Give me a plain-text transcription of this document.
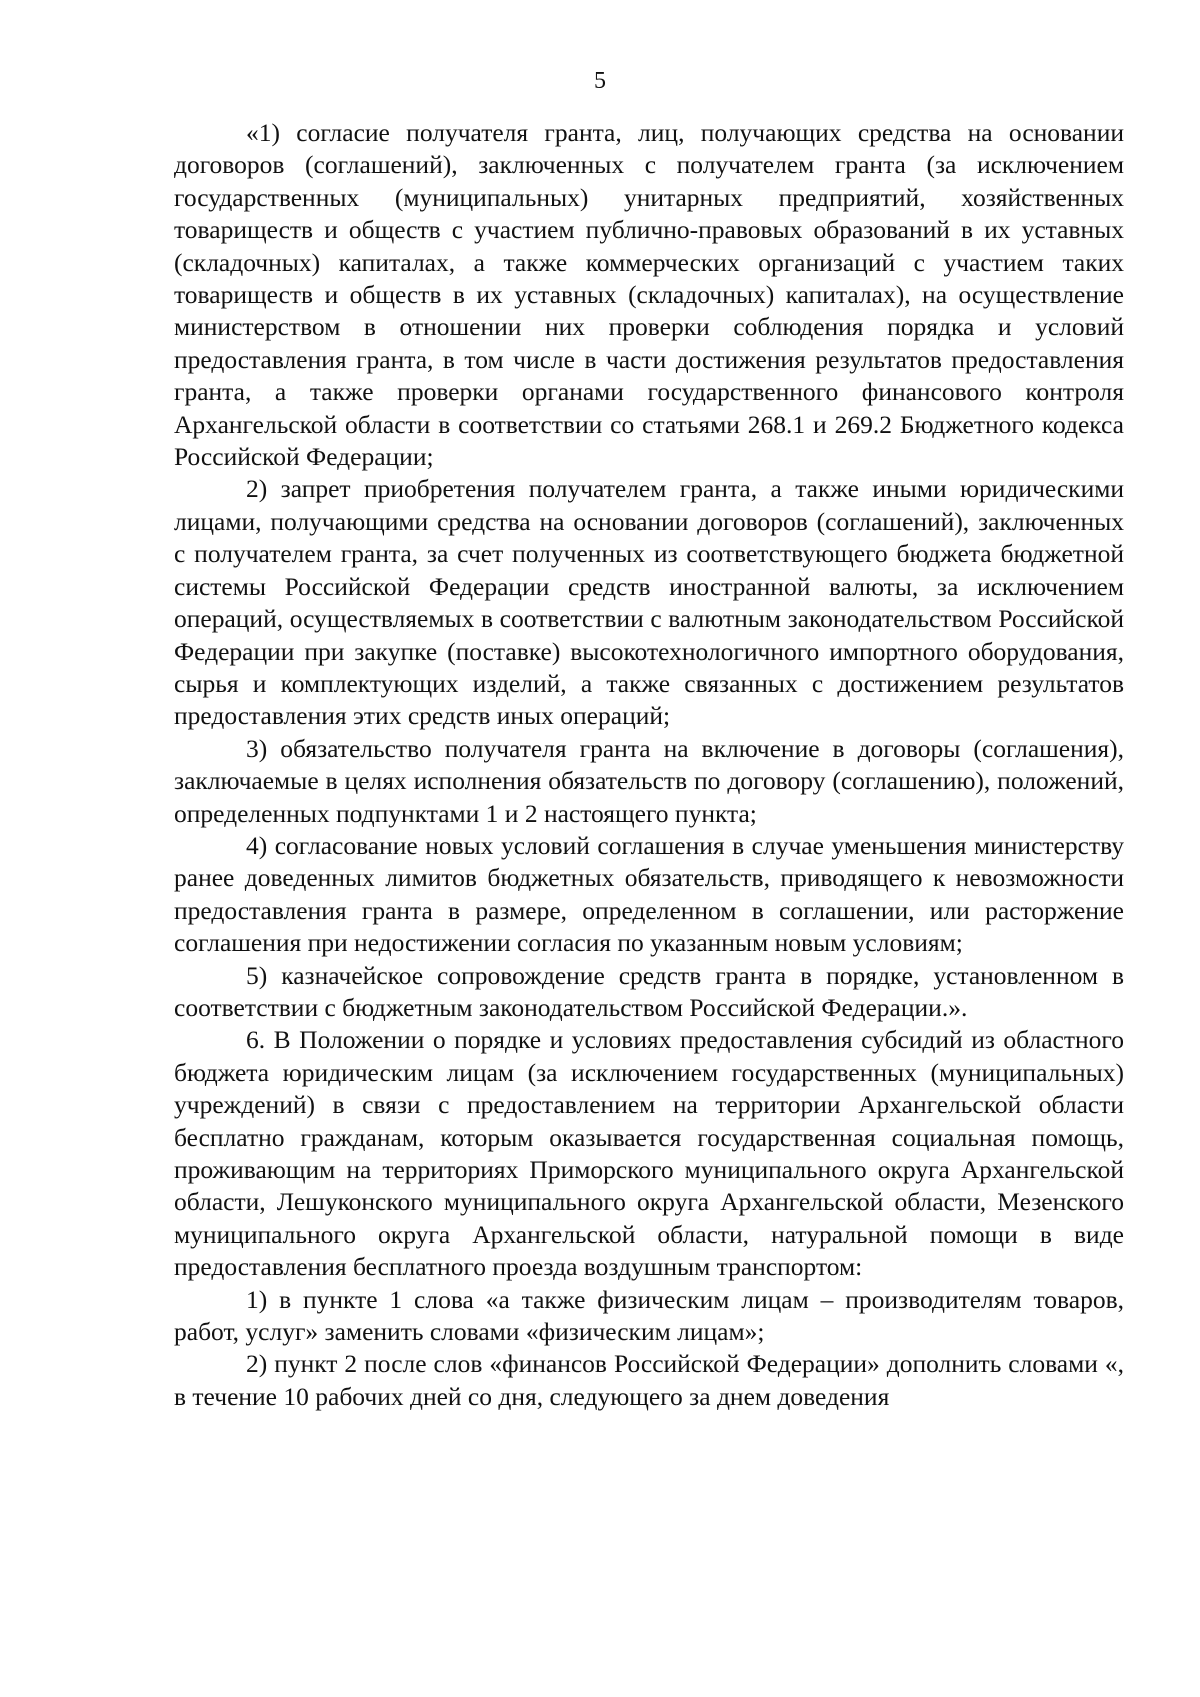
5

«1) согласие получателя гранта, лиц, получающих средства на основании договоров (соглашений), заключенных с получателем гранта (за исключением государственных (муниципальных) унитарных предприятий, хозяйственных товариществ и обществ с участием публично-правовых образований в их уставных (складочных) капиталах, а также коммерческих организаций с участием таких товариществ и обществ в их уставных (складочных) капиталах), на осуществление министерством в отношении них проверки соблюдения порядка и условий предоставления гранта, в том числе в части достижения результатов предоставления гранта, а также проверки органами государственного финансового контроля Архангельской области в соответствии со статьями 268.1 и 269.2 Бюджетного кодекса Российской Федерации;

2) запрет приобретения получателем гранта, а также иными юридическими лицами, получающими средства на основании договоров (соглашений), заключенных с получателем гранта, за счет полученных из соответствующего бюджета бюджетной системы Российской Федерации средств иностранной валюты, за исключением операций, осуществляемых в соответствии с валютным законодательством Российской Федерации при закупке (поставке) высокотехнологичного импортного оборудования, сырья и комплектующих изделий, а также связанных с достижением результатов предоставления этих средств иных операций;

3) обязательство получателя гранта на включение в договоры (соглашения), заключаемые в целях исполнения обязательств по договору (соглашению), положений, определенных подпунктами 1 и 2 настоящего пункта;

4) согласование новых условий соглашения в случае уменьшения министерству ранее доведенных лимитов бюджетных обязательств, приводящего к невозможности предоставления гранта в размере, определенном в соглашении, или расторжение соглашения при недостижении согласия по указанным новым условиям;

5) казначейское сопровождение средств гранта в порядке, установленном в соответствии с бюджетным законодательством Российской Федерации.».

6. В Положении о порядке и условиях предоставления субсидий из областного бюджета юридическим лицам (за исключением государственных (муниципальных) учреждений) в связи с предоставлением на территории Архангельской области бесплатно гражданам, которым оказывается государственная социальная помощь, проживающим на территориях Приморского муниципального округа Архангельской области, Лешуконского муниципального округа Архангельской области, Мезенского муниципального округа Архангельской области, натуральной помощи в виде предоставления бесплатного проезда воздушным транспортом:

1) в пункте 1 слова «а также физическим лицам – производителям товаров, работ, услуг» заменить словами «физическим лицам»;

2) пункт 2 после слов «финансов Российской Федерации» дополнить словами «, в течение 10 рабочих дней со дня, следующего за днем доведения
